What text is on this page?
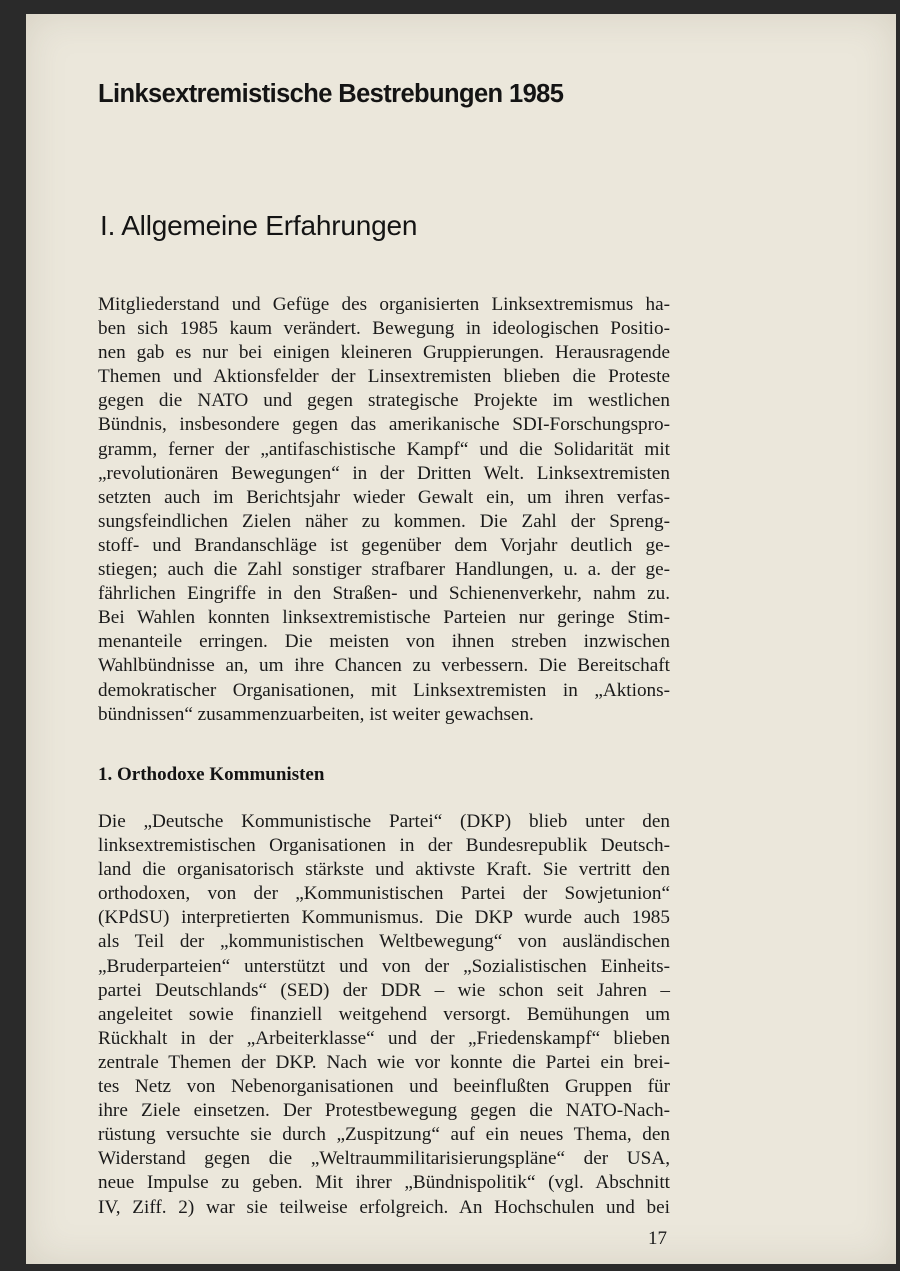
Linksextremistische Bestrebungen 1985
I. Allgemeine Erfahrungen
Mitgliederstand und Gefüge des organisierten Linksextremismus ha-
ben sich 1985 kaum verändert. Bewegung in ideologischen Positio-
nen gab es nur bei einigen kleineren Gruppierungen. Herausragende
Themen und Aktionsfelder der Linsextremisten blieben die Proteste
gegen die NATO und gegen strategische Projekte im westlichen
Bündnis, insbesondere gegen das amerikanische SDI-Forschungspro-
gramm, ferner der „antifaschistische Kampf“ und die Solidarität mit
„revolutionären Bewegungen“ in der Dritten Welt. Linksextremisten
setzten auch im Berichtsjahr wieder Gewalt ein, um ihren verfas-
sungsfeindlichen Zielen näher zu kommen. Die Zahl der Spreng-
stoff- und Brandanschläge ist gegenüber dem Vorjahr deutlich ge-
stiegen; auch die Zahl sonstiger strafbarer Handlungen, u. a. der ge-
fährlichen Eingriffe in den Straßen- und Schienenverkehr, nahm zu.
Bei Wahlen konnten linksextremistische Parteien nur geringe Stim-
menanteile erringen. Die meisten von ihnen streben inzwischen
Wahlbündnisse an, um ihre Chancen zu verbessern. Die Bereitschaft
demokratischer Organisationen, mit Linksextremisten in „Aktions-
bündnissen“ zusammenzuarbeiten, ist weiter gewachsen.
1. Orthodoxe Kommunisten
Die „Deutsche Kommunistische Partei“ (DKP) blieb unter den
linksextremistischen Organisationen in der Bundesrepublik Deutsch-
land die organisatorisch stärkste und aktivste Kraft. Sie vertritt den
orthodoxen, von der „Kommunistischen Partei der Sowjetunion“
(KPdSU) interpretierten Kommunismus. Die DKP wurde auch 1985
als Teil der „kommunistischen Weltbewegung“ von ausländischen
„Bruderparteien“ unterstützt und von der „Sozialistischen Einheits-
partei Deutschlands“ (SED) der DDR – wie schon seit Jahren –
angeleitet sowie finanziell weitgehend versorgt. Bemühungen um
Rückhalt in der „Arbeiterklasse“ und der „Friedenskampf“ blieben
zentrale Themen der DKP. Nach wie vor konnte die Partei ein brei-
tes Netz von Nebenorganisationen und beeinflußten Gruppen für
ihre Ziele einsetzen. Der Protestbewegung gegen die NATO-Nach-
rüstung versuchte sie durch „Zuspitzung“ auf ein neues Thema, den
Widerstand gegen die „Weltraummilitarisierungspläne“ der USA,
neue Impulse zu geben. Mit ihrer „Bündnispolitik“ (vgl. Abschnitt
IV, Ziff. 2) war sie teilweise erfolgreich. An Hochschulen und bei
17
